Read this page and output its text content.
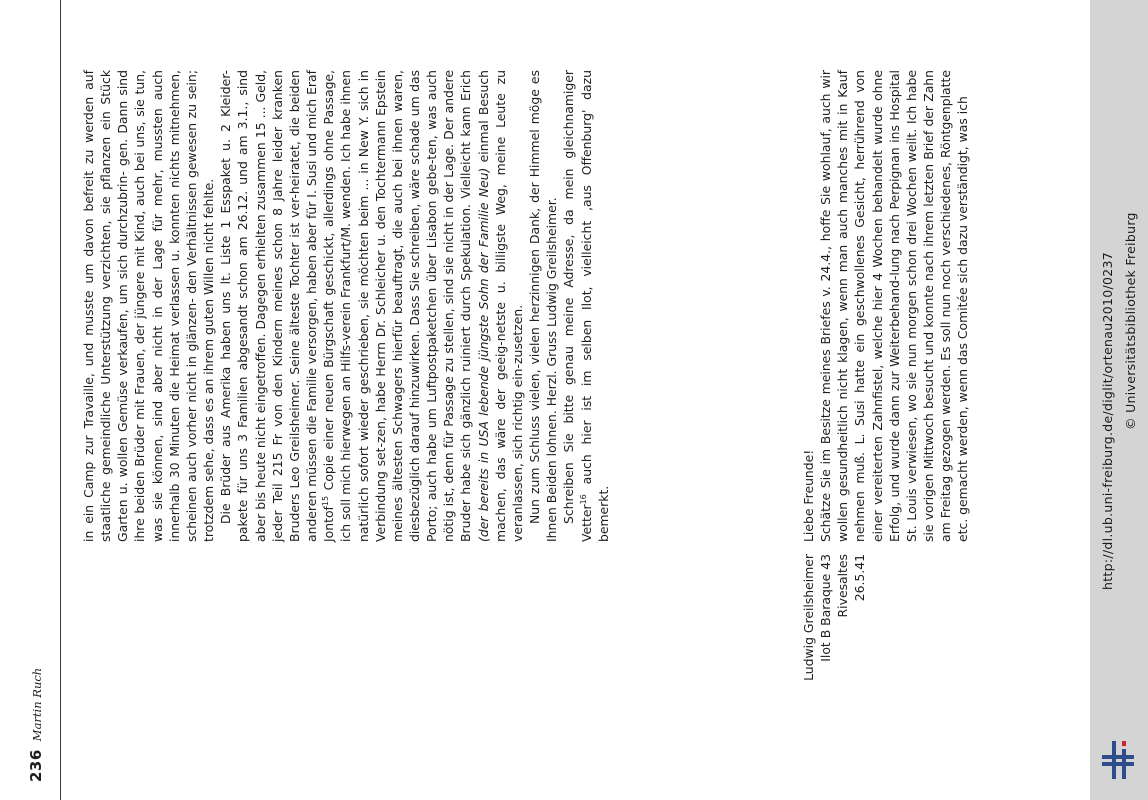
236
Martin Ruch

in ein Camp zur Travaille, und musste um davon befreit zu werden auf staatliche gemeindliche Unterstützung verzichten, sie pflanzen ein Stück Garten u. wollen Gemüse verkaufen, um sich durchzubrin- gen. Dann sind ihre beiden Brüder mit Frauen, der jüngere mit Kind, auch bei uns, sie tun, was sie können, sind aber nicht in der Lage für mehr, mussten auch innerhalb 30 Minuten die Heimat verlassen u. konnten nichts mitnehmen, scheinen auch vorher nicht in glänzen- den Verhältnissen gewesen zu sein; trotzdem sehe, dass es an ihrem guten Willen nicht fehlte. Die Brüder aus Amerika haben uns lt. Liste 1 Esspaket u. 2 Kleider-pakete für uns 3 Familien abgesandt schon am 26.12. und am 3.1., sind aber bis heute nicht eingetroffen. Dagegen erhielten zusammen 15 ... Geld, jeder Teil 215 Fr von den Kindern meines schon 8 Jahre leider kranken Bruders Leo Greilsheimer. Seine älteste Tochter ist ver-heiratet, die beiden anderen müssen die Familie versorgen, haben aber für I. Susi und mich Eraf Jontof$^{15}$ Copie einer neuen Bürgschaft geschickt, allerdings ohne Passage, ich soll mich hierwegen an Hilfs-verein Frankfurt/M. wenden. Ich habe ihnen natürlich sofort wieder geschrieben, sie möchten beim ... in New Y. sich in Verbindung set-zen, habe Herrn Dr. Schleicher u. den Tochtermann Epstein meines ältesten Schwagers hierfür beauftragt, die auch bei ihnen waren, diesbezüglich darauf hinzuwirken. Dass Sie schreiben, wäre schade um das Porto; auch habe um Luftpostpaketchen über Lisabon gebe-ten, was auch nötig ist, denn für Passage zu stellen, sind sie nicht in der Lage. Der andere Bruder habe sich gänzlich ruiniert durch Spekulation. Vielleicht kann Erich (der bereits in USA lebende jüngste Sohn der Familie Neu) einmal Besuch machen, das wäre der geeig-netste u. billigste Weg, meine Leute zu veranlassen, sich richtig ein-zusetzen. Nun zum Schluss vielen, vielen herzinnigen Dank, der Himmel möge es Ihnen Beiden lohnen. Herzl. Gruss Ludwig Greilsheimer. Schreiben Sie bitte genau meine Adresse, da mein gleichnamiger Vetter$^{16}$ auch hier ist im selben Ilot, vielleicht ‚aus Offenburg' dazu bemerkt.

Ludwig Greilsheimer Ilot B Baraque 43 Rivesaltes 26.5.41

Liebe Freunde! Schätze Sie im Besitze meines Briefes v. 24.4., hoffe Sie wohlauf, auch wir wollen gesundheitlich nicht klagen, wenn man auch manches mit in Kauf nehmen muß. L. Susi hatte ein geschwollenes Gesicht, herrührend von einer vereiterten Zahnfistel, welche hier 4 Wochen behandelt wurde ohne Erfolg, und wurde dann zur Weiterbehand-lung nach Perpignan ins Hospital St. Louis verwiesen, wo sie nun morgen schon drei Wochen weilt. Ich habe sie vorigen Mittwoch besucht und konnte nach ihrem letzten Brief der Zahn am Freitag gezogen werden. Es soll nun noch verschiedenes, Röntgenplatte etc. gemacht werden, wenn das Comitée sich dazu verständigt, was ich	http://dl.ub.uni-freiburg.de/diglit/ortenau2010/0237 © Universitätsbibliothek Freiburg
